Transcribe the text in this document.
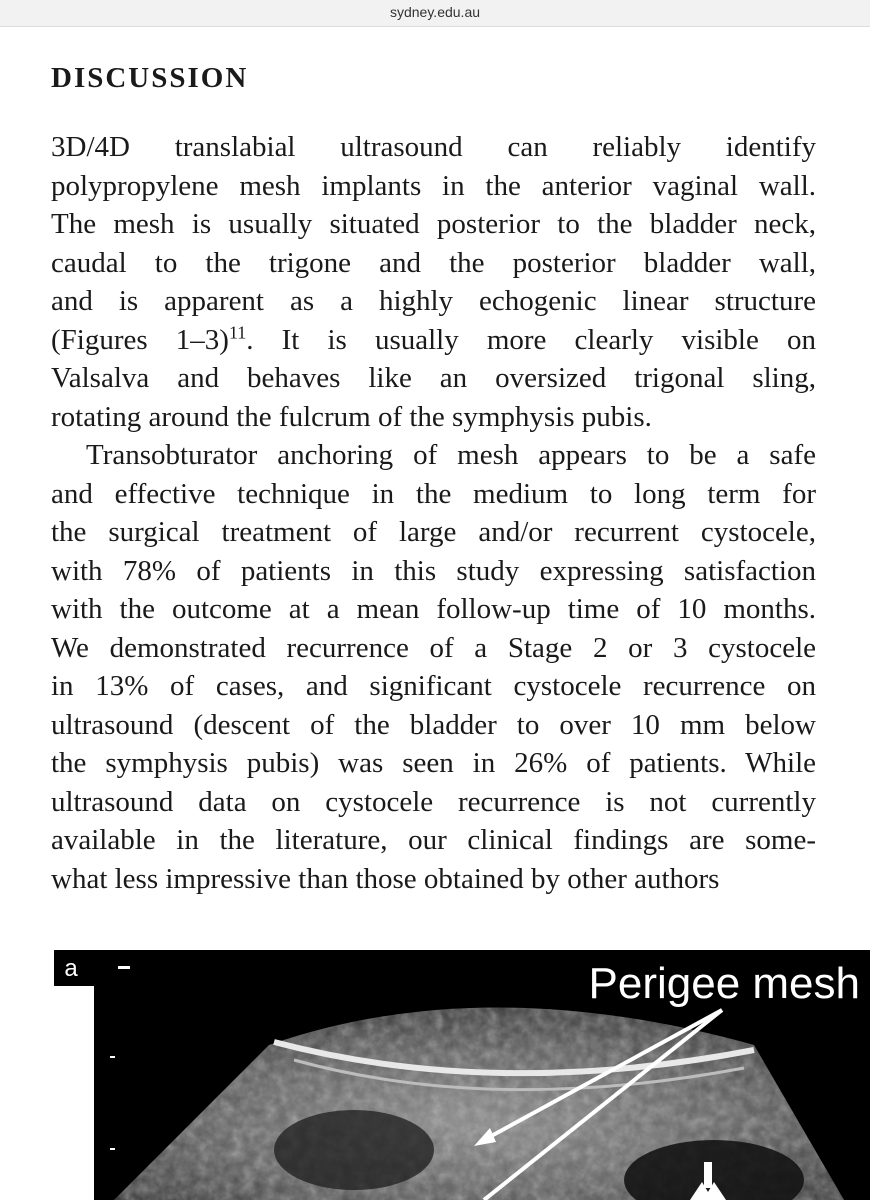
sydney.edu.au
DISCUSSION

3D/4D translabial ultrasound can reliably identify
polypropylene mesh implants in the anterior vaginal wall.
The mesh is usually situated posterior to the bladder neck,
caudal to the trigone and the posterior bladder wall,
and is apparent as a highly echogenic linear structure
(Figures 1–3)$^{11}$. It is usually more clearly visible on
Valsalva and behaves like an oversized trigonal sling,
rotating around the fulcrum of the symphysis pubis.

Transobturator anchoring of mesh appears to be a safe
and effective technique in the medium to long term for
the surgical treatment of large and/or recurrent cystocele,
with 78% of patients in this study expressing satisfaction
with the outcome at a mean follow-up time of 10 months.
We demonstrated recurrence of a Stage 2 or 3 cystocele
in 13% of cases, and significant cystocele recurrence on
ultrasound (descent of the bladder to over 10 mm below
the symphysis pubis) was seen in 26% of patients. While
ultrasound data on cystocele recurrence is not currently
available in the literature, our clinical findings are some-
what less impressive than those obtained by other authors

a	Perigee mesh
